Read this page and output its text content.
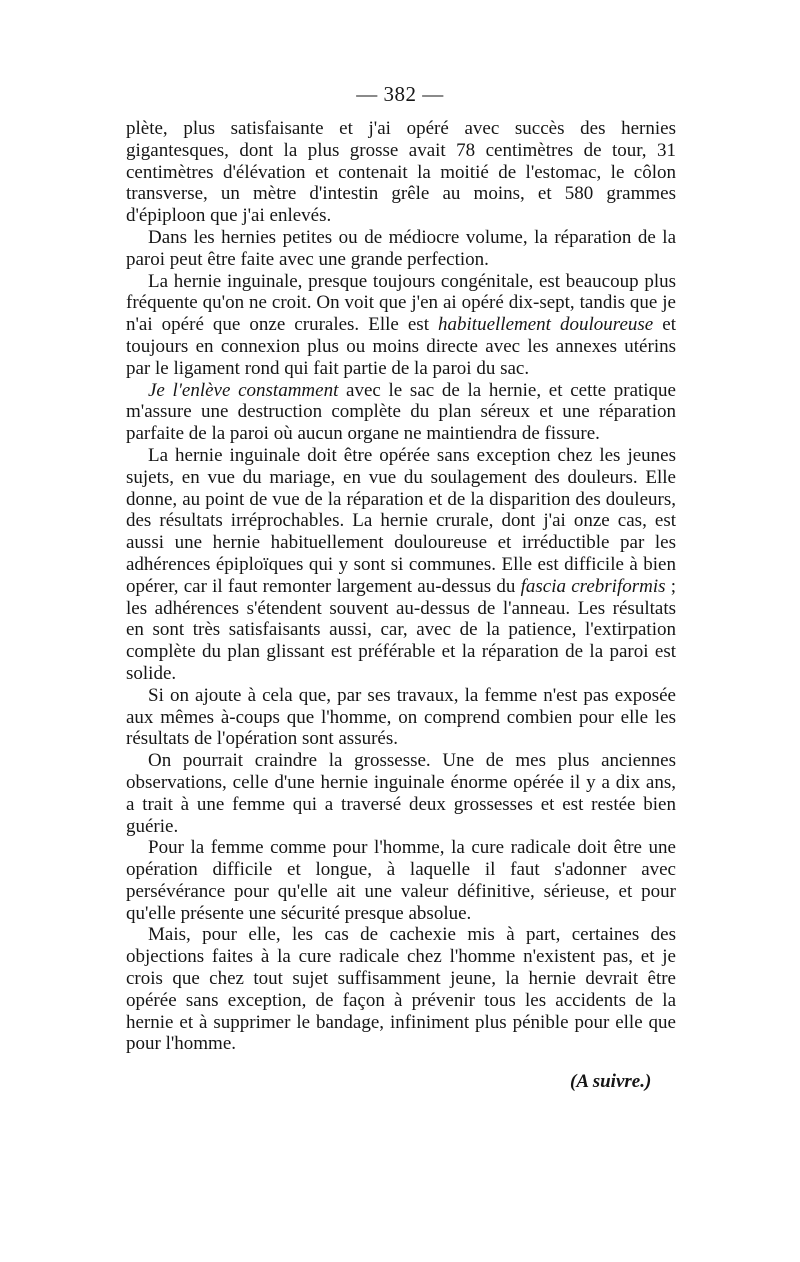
— 382 —

plète, plus satisfaisante et j'ai opéré avec succès des hernies gigantesques, dont la plus grosse avait 78 centimètres de tour, 31 centimètres d'élévation et contenait la moitié de l'estomac, le côlon transverse, un mètre d'intestin grêle au moins, et 580 grammes d'épiploon que j'ai enlevés.

Dans les hernies petites ou de médiocre volume, la réparation de la paroi peut être faite avec une grande perfection.

La hernie inguinale, presque toujours congénitale, est beaucoup plus fréquente qu'on ne croit. On voit que j'en ai opéré dix-sept, tandis que je n'ai opéré que onze crurales. Elle est habituellement douloureuse et toujours en connexion plus ou moins directe avec les annexes utérins par le ligament rond qui fait partie de la paroi du sac.

Je l'enlève constamment avec le sac de la hernie, et cette pratique m'assure une destruction complète du plan séreux et une réparation parfaite de la paroi où aucun organe ne maintiendra de fissure.

La hernie inguinale doit être opérée sans exception chez les jeunes sujets, en vue du mariage, en vue du soulagement des douleurs. Elle donne, au point de vue de la réparation et de la disparition des douleurs, des résultats irréprochables. La hernie crurale, dont j'ai onze cas, est aussi une hernie habituellement douloureuse et irréductible par les adhérences épiploïques qui y sont si communes. Elle est difficile à bien opérer, car il faut remonter largement au-dessus du fascia crebriformis ; les adhérences s'étendent souvent au-dessus de l'anneau. Les résultats en sont très satisfaisants aussi, car, avec de la patience, l'extirpation complète du plan glissant est préférable et la réparation de la paroi est solide.

Si on ajoute à cela que, par ses travaux, la femme n'est pas exposée aux mêmes à-coups que l'homme, on comprend combien pour elle les résultats de l'opération sont assurés.

On pourrait craindre la grossesse. Une de mes plus anciennes observations, celle d'une hernie inguinale énorme opérée il y a dix ans, a trait à une femme qui a traversé deux grossesses et est restée bien guérie.

Pour la femme comme pour l'homme, la cure radicale doit être une opération difficile et longue, à laquelle il faut s'adonner avec persévérance pour qu'elle ait une valeur définitive, sérieuse, et pour qu'elle présente une sécurité presque absolue.

Mais, pour elle, les cas de cachexie mis à part, certaines des objections faites à la cure radicale chez l'homme n'existent pas, et je crois que chez tout sujet suffisamment jeune, la hernie devrait être opérée sans exception, de façon à prévenir tous les accidents de la hernie et à supprimer le bandage, infiniment plus pénible pour elle que pour l'homme.

(A suivre.)
